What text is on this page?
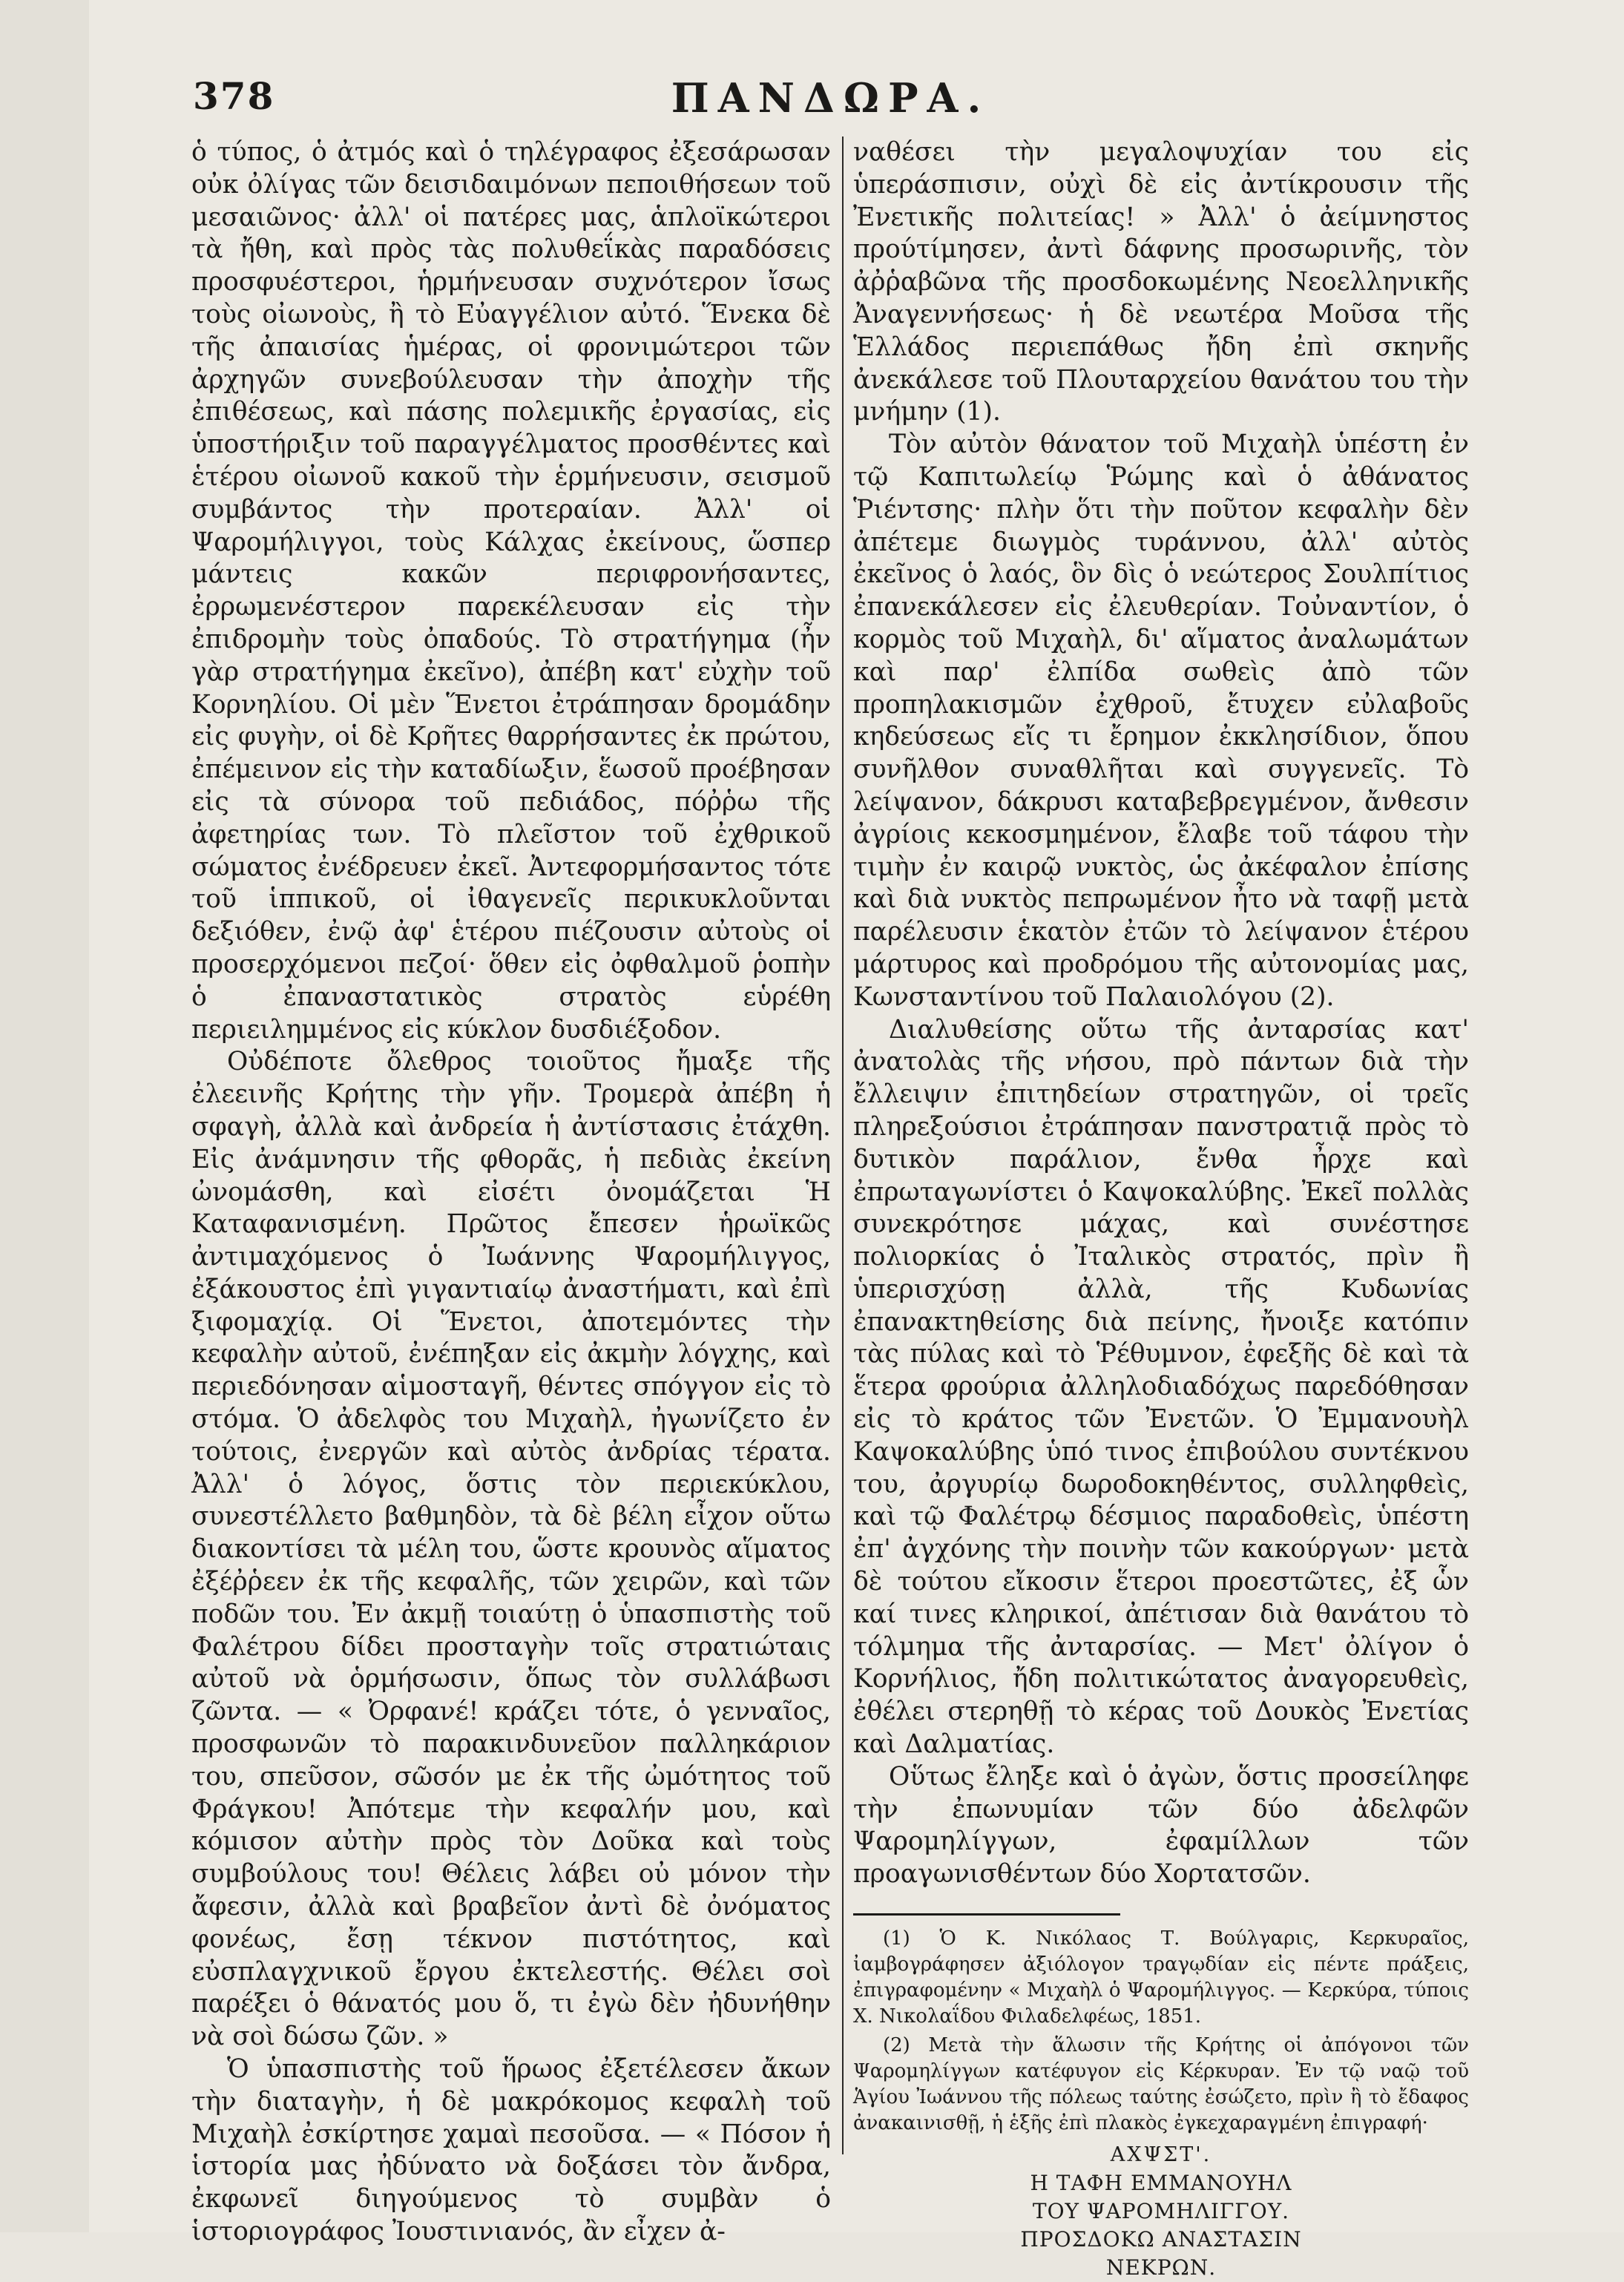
378	ΠΑΝΔΩΡΑ.

ὁ τύπος, ὁ ἀτμός καὶ ὁ τηλέγραφος ἐξεσάρωσαν οὐκ ὀλίγας τῶν δεισιδαιμόνων πεποιθήσεων τοῦ μεσαιῶνος· ἀλλ' οἱ πατέρες μας, ἁπλοϊκώτεροι τὰ ἤθη, καὶ πρὸς τὰς πολυθεΐκὰς παραδόσεις προσφυέστεροι, ἡρμήνευσαν συχνότερον ἴσως τοὺς οἰωνοὺς, ἢ τὸ Εὐαγγέλιον αὐτό. Ἕνεκα δὲ τῆς ἀπαισίας ἡμέρας, οἱ φρονιμώτεροι τῶν ἀρχηγῶν συνεβούλευσαν τὴν ἀποχὴν τῆς ἐπιθέσεως, καὶ πάσης πολεμικῆς ἐργασίας, εἰς ὑποστήριξιν τοῦ παραγγέλματος προσθέντες καὶ ἑτέρου οἰωνοῦ κακοῦ τὴν ἑρμήνευσιν, σεισμοῦ συμβάντος τὴν προτεραίαν. Ἀλλ' οἱ Ψαρομήλιγγοι, τοὺς Κάλχας ἐκείνους, ὥσπερ μάντεις κακῶν περιφρονήσαντες, ἐρρωμενέστερον παρεκέλευσαν εἰς τὴν ἐπιδρομὴν τοὺς ὀπαδούς. Τὸ στρατήγημα (ἦν γὰρ στρατήγημα ἐκεῖνο), ἀπέβη κατ' εὐχὴν τοῦ Κορνηλίου. Οἱ μὲν Ἕνετοι ἐτράπησαν δρομάδην εἰς φυγὴν, οἱ δὲ Κρῆτες θαρρήσαντες ἐκ πρώτου, ἐπέμεινον εἰς τὴν καταδίωξιν, ἕωσοῦ προέβησαν εἰς τὰ σύνορα τοῦ πεδιάδος, πόῤῥω τῆς ἀφετηρίας των. Τὸ πλεῖστον τοῦ ἐχθρικοῦ σώματος ἐνέδρευεν ἐκεῖ. Ἀντεφορμήσαντος τότε τοῦ ἱππικοῦ, οἱ ἰθαγενεῖς περικυκλοῦνται δεξιόθεν, ἐνῷ ἀφ' ἑτέρου πιέζουσιν αὐτοὺς οἱ προσερχόμενοι πεζοί· ὅθεν εἰς ὀφθαλμοῦ ῥοπὴν ὁ ἐπαναστατικὸς στρατὸς εὑρέθη περιειλημμένος εἰς κύκλον δυσδιέξοδον.

Οὐδέποτε ὄλεθρος τοιοῦτος ἤμαξε τῆς ἐλεεινῆς Κρήτης τὴν γῆν. Τρομερὰ ἀπέβη ἡ σφαγὴ, ἀλλὰ καὶ ἀνδρεία ἡ ἀντίστασις ἐτάχθη. Εἰς ἀνάμνησιν τῆς φθορᾶς, ἡ πεδιὰς ἐκείνη ὠνομάσθη, καὶ εἰσέτι ὀνομάζεται Ἡ Καταφανισμένη. Πρῶτος ἔπεσεν ἡρωϊκῶς ἀντιμαχόμενος ὁ Ἰωάννης Ψαρομήλιγγος, ἐξάκουστος ἐπὶ γιγαντιαίῳ ἀναστήματι, καὶ ἐπὶ ξιφομαχίᾳ. Οἱ Ἕνετοι, ἀποτεμόντες τὴν κεφαλὴν αὐτοῦ, ἐνέπηξαν εἰς ἀκμὴν λόγχης, καὶ περιεδόνησαν αἱμοσταγῆ, θέντες σπόγγον εἰς τὸ στόμα. Ὁ ἀδελφὸς του Μιχαὴλ, ἠγωνίζετο ἐν τούτοις, ἐνεργῶν καὶ αὐτὸς ἀνδρίας τέρατα. Ἀλλ' ὁ λόγος, ὅστις τὸν περιεκύκλου, συνεστέλλετο βαθμηδὸν, τὰ δὲ βέλη εἶχον οὕτω διακοντίσει τὰ μέλη του, ὥστε κρουνὸς αἵματος ἐξέῤῥεεν ἐκ τῆς κεφαλῆς, τῶν χειρῶν, καὶ τῶν ποδῶν του. Ἐν ἀκμῇ τοιαύτῃ ὁ ὑπασπιστὴς τοῦ Φαλέτρου δίδει προσταγὴν τοῖς στρατιώταις αὐτοῦ νὰ ὁρμήσωσιν, ὅπως τὸν συλλάβωσι ζῶντα. — « Ὀρφανέ! κράζει τότε, ὁ γενναῖος, προσφωνῶν τὸ παρακινδυνεῦον παλληκάριον του, σπεῦσον, σῶσόν με ἐκ τῆς ὠμότητος τοῦ Φράγκου! Ἀπότεμε τὴν κεφαλήν μου, καὶ κόμισον αὐτὴν πρὸς τὸν Δοῦκα καὶ τοὺς συμβούλους του! Θέλεις λάβει οὐ μόνον τὴν ἄφεσιν, ἀλλὰ καὶ βραβεῖον ἀντὶ δὲ ὀνόματος φονέως, ἔσῃ τέκνον πιστότητος, καὶ εὐσπλαγχνικοῦ ἔργου ἐκτελεστής. Θέλει σοὶ παρέξει ὁ θάνατός μου ὅ, τι ἐγὼ δὲν ἠδυνήθην νὰ σοὶ δώσω ζῶν. »

Ὁ ὑπασπιστὴς τοῦ ἥρωος ἐξετέλεσεν ἄκων τὴν διαταγὴν, ἡ δὲ μακρόκομος κεφαλὴ τοῦ Μιχαὴλ ἐσκίρτησε χαμαὶ πεσοῦσα. — « Πόσον ἡ ἱστορία μας ἠδύνατο νὰ δοξάσει τὸν ἄνδρα, ἐκφωνεῖ διηγούμενος τὸ συμβὰν ὁ ἱστοριογράφος Ἰουστινιανός, ἂν εἶχεν ἀ-

ναθέσει τὴν μεγαλοψυχίαν του εἰς ὑπεράσπισιν, οὐχὶ δὲ εἰς ἀντίκρουσιν τῆς Ἐνετικῆς πολιτείας! » Ἀλλ' ὁ ἀείμνηστος προύτίμησεν, ἀντὶ δάφνης προσωρινῆς, τὸν ἀῤῥαβῶνα τῆς προσδοκωμένης Νεοελληνικῆς Ἀναγεννήσεως· ἡ δὲ νεωτέρα Μοῦσα τῆς Ἑλλάδος περιεπάθως ἤδη ἐπὶ σκηνῆς ἀνεκάλεσε τοῦ Πλουταρχείου θανάτου του τὴν μνήμην (1).

Τὸν αὐτὸν θάνατον τοῦ Μιχαὴλ ὑπέστη ἐν τῷ Καπιτωλείῳ Ῥώμης καὶ ὁ ἀθάνατος Ῥιέντσης· πλὴν ὅτι τὴν ποῦτον κεφαλὴν δὲν ἀπέτεμε διωγμὸς τυράννου, ἀλλ' αὐτὸς ἐκεῖνος ὁ λαός, ὃν δὶς ὁ νεώτερος Σουλπίτιος ἐπανεκάλεσεν εἰς ἐλευθερίαν. Τοὐναντίον, ὁ κορμὸς τοῦ Μιχαὴλ, δι' αἵματος ἀναλωμάτων καὶ παρ' ἐλπίδα σωθεὶς ἀπὸ τῶν προπηλακισμῶν ἐχθροῦ, ἔτυχεν εὐλαβοῦς κηδεύσεως εἴς τι ἔρημον ἐκκλησίδιον, ὅπου συνῆλθον συναθλῆται καὶ συγγενεῖς. Τὸ λείψανον, δάκρυσι καταβεβρεγμένον, ἄνθεσιν ἀγρίοις κεκοσμημένον, ἔλαβε τοῦ τάφου τὴν τιμὴν ἐν καιρῷ νυκτὸς, ὡς ἀκέφαλον ἐπίσης καὶ διὰ νυκτὸς πεπρωμένον ἦτο νὰ ταφῇ μετὰ παρέλευσιν ἑκατὸν ἐτῶν τὸ λείψανον ἑτέρου μάρτυρος καὶ προδρόμου τῆς αὐτονομίας μας, Κωνσταντίνου τοῦ Παλαιολόγου (2).

Διαλυθείσης οὕτω τῆς ἀνταρσίας κατ' ἀνατολὰς τῆς νήσου, πρὸ πάντων διὰ τὴν ἔλλειψιν ἐπιτηδείων στρατηγῶν, οἱ τρεῖς πληρεξούσιοι ἐτράπησαν πανστρατιᾷ πρὸς τὸ δυτικὸν παράλιον, ἔνθα ἦρχε καὶ ἐπρωταγωνίστει ὁ Καψοκαλύβης. Ἐκεῖ πολλὰς συνεκρότησε μάχας, καὶ συνέστησε πολιορκίας ὁ Ἰταλικὸς στρατός, πρὶν ἢ ὑπερισχύσῃ ἀλλὰ, τῆς Κυδωνίας ἐπανακτηθείσης διὰ πείνης, ἤνοιξε κατόπιν τὰς πύλας καὶ τὸ Ῥέθυμνον, ἐφεξῆς δὲ καὶ τὰ ἕτερα φρούρια ἀλληλοδιαδόχως παρεδόθησαν εἰς τὸ κράτος τῶν Ἐνετῶν. Ὁ Ἐμμανουὴλ Καψοκαλύβης ὑπό τινος ἐπιβούλου συντέκνου του, ἀργυρίῳ δωροδοκηθέντος, συλληφθεὶς, καὶ τῷ Φαλέτρῳ δέσμιος παραδοθεὶς, ὑπέστη ἐπ' ἀγχόνης τὴν ποινὴν τῶν κακούργων· μετὰ δὲ τούτου εἴκοσιν ἕτεροι προεστῶτες, ἐξ ὧν καί τινες κληρικοί, ἀπέτισαν διὰ θανάτου τὸ τόλμημα τῆς ἀνταρσίας. — Μετ' ὀλίγον ὁ Κορνήλιος, ἤδη πολιτικώτατος ἀναγορευθεὶς, ἐθέλει στερηθῇ τὸ κέρας τοῦ Δουκὸς Ἐνετίας καὶ Δαλματίας.

Οὕτως ἔληξε καὶ ὁ ἀγὼν, ὅστις προσείληφε τὴν ἐπωνυμίαν τῶν δύο ἀδελφῶν Ψαρομηλίγγων, ἐφαμίλλων τῶν προαγωνισθέντων δύο Χορτατσῶν.

(1) Ὁ Κ. Νικόλαος Τ. Βούλγαρις, Κερκυραῖος, ἰαμβογράφησεν ἀξιόλογον τραγῳδίαν εἰς πέντε πράξεις, ἐπιγραφομένην « Μιχαὴλ ὁ Ψαρομήλιγγος. — Κερκύρα, τύποις Χ. Νικολαΐδου Φιλαδελφέως, 1851.

(2) Μετὰ τὴν ἅλωσιν τῆς Κρήτης οἱ ἀπόγονοι τῶν Ψαρομηλίγγων κατέφυγον εἰς Κέρκυραν. Ἐν τῷ ναῷ τοῦ Ἁγίου Ἰωάννου τῆς πόλεως ταύτης ἐσώζετο, πρὶν ἢ τὸ ἔδαφος ἀνακαινισθῇ, ἡ ἑξῆς ἐπὶ πλακὸς ἐγκεχαραγμένη ἐπιγραφή·

ΑΧΨΣΤ'.
Η ΤΑΦΗ ΕΜΜΑΝΟΥΗΛ
ΤΟΥ ΨΑΡΟΜΗΛΙΓΓΟΥ.
ΠΡΟΣΔΟΚΩ ΑΝΑΣΤΑΣΙΝ
ΝΕΚΡΩΝ.
